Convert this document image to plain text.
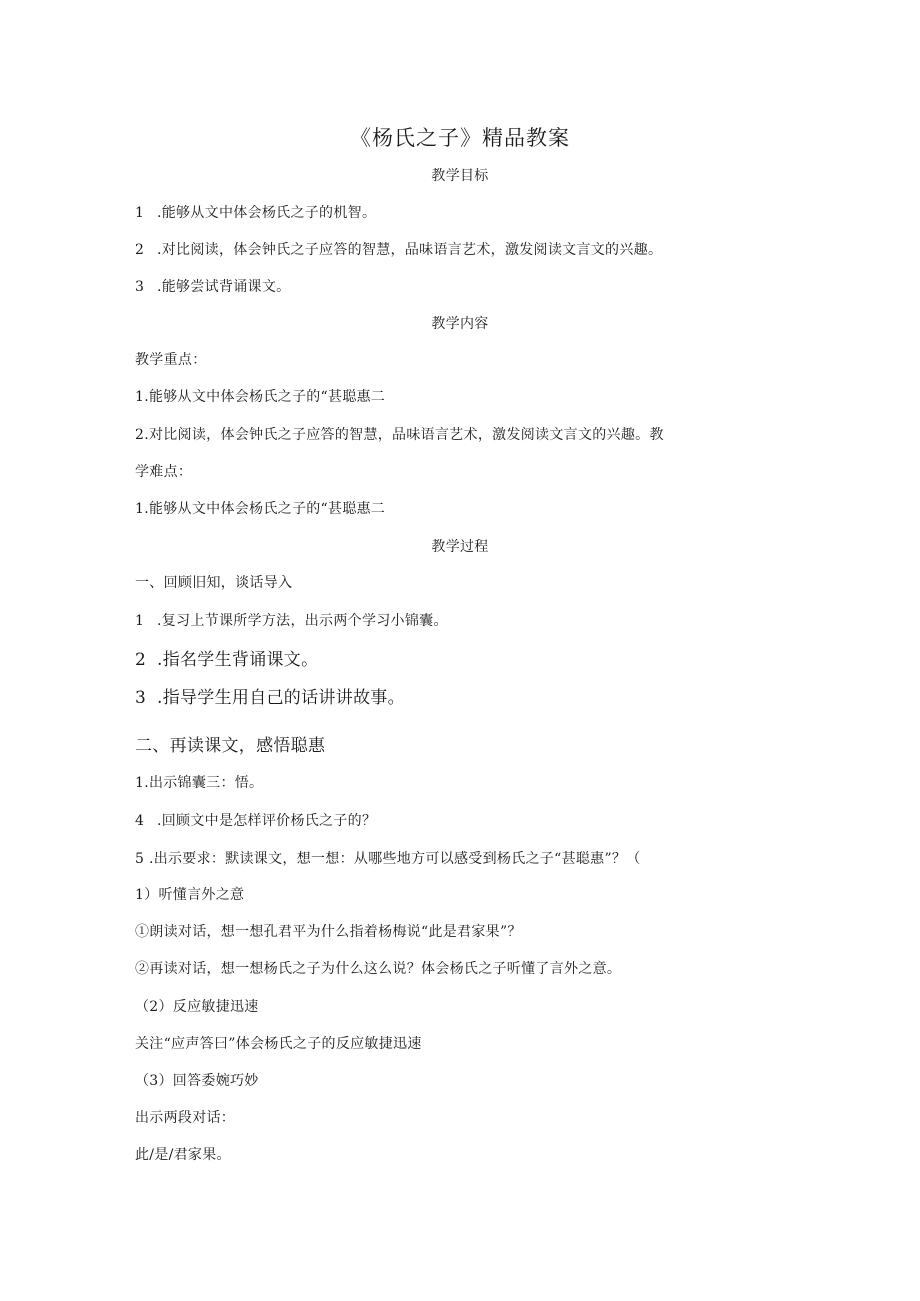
《杨氏之子》精品教案
教学目标
1 .能够从文中体会杨氏之子的机智。
2 .对比阅读，体会钟氏之子应答的智慧，品味语言艺术，激发阅读文言文的兴趣。
3 .能够尝试背诵课文。
教学内容
教学重点：
1.能够从文中体会杨氏之子的“甚聪惠二
2.对比阅读，体会钟氏之子应答的智慧，品味语言艺术，激发阅读文言文的兴趣。教
学难点：
1.能够从文中体会杨氏之子的“甚聪惠二
教学过程
一、回顾旧知，谈话导入
1 .复习上节课所学方法，出示两个学习小锦囊。
2 .指名学生背诵课文。
3 .指导学生用自己的话讲讲故事。
二、再读课文，感悟聪惠
1.出示锦囊三：悟。
4 .回顾文中是怎样评价杨氏之子的？
5 .出示要求：默读课文，想一想：从哪些地方可以感受到杨氏之子“甚聪惠”？（
1）听懂言外之意
①朗读对话，想一想孔君平为什么指着杨梅说“此是君家果”？
②再读对话，想一想杨氏之子为什么这么说？体会杨氏之子听懂了言外之意。
（2）反应敏捷迅速
关注“应声答曰”体会杨氏之子的反应敏捷迅速
（3）回答委婉巧妙
出示两段对话：
此/是/君家果。
